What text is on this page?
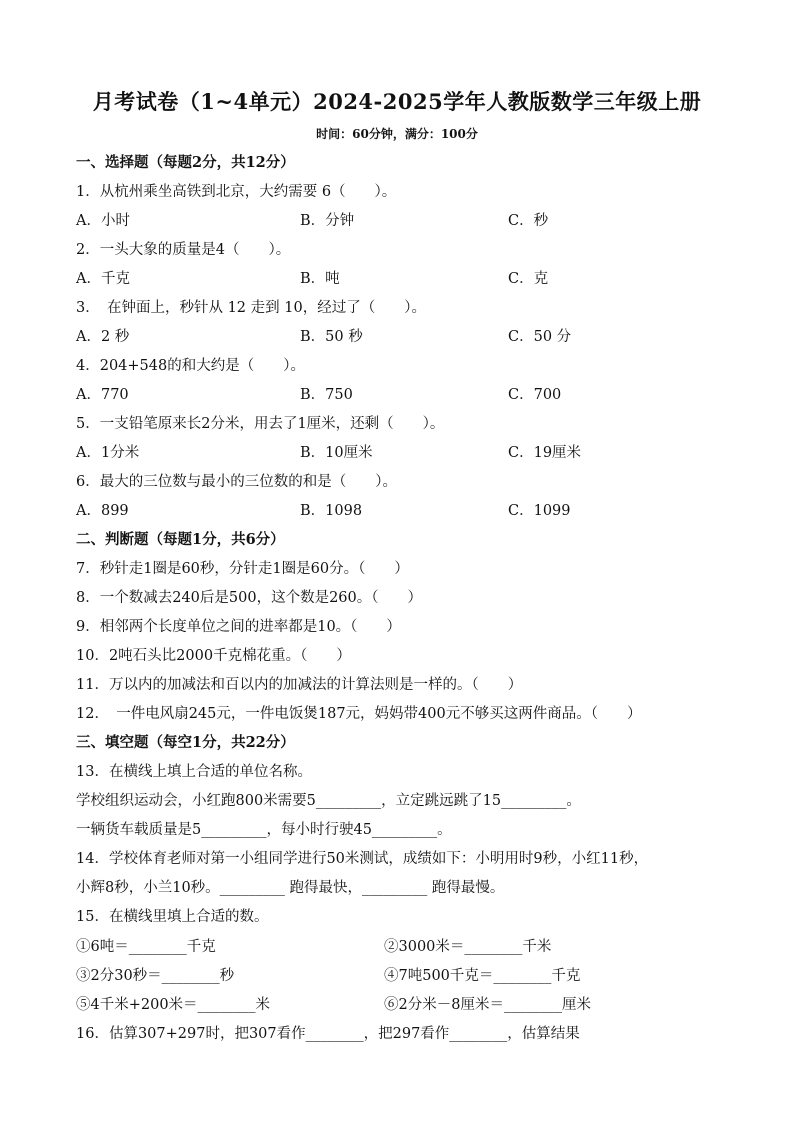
月考试卷（1~4单元）2024-2025学年人教版数学三年级上册
时间：60分钟，满分：100分
一、选择题（每题2分，共12分）
1．从杭州乘坐高铁到北京，大约需要 6（　　）。
A．小时	B．分钟	C．秒
2．一头大象的质量是4（　　）。
A．千克	B．吨	C．克
3．　在钟面上，秒针从 12 走到 10，经过了（　　）。
A．2 秒	B．50 秒	C．50 分
4．204+548的和大约是（　　）。
A．770	B．750	C．700
5．一支铅笔原来长2分米，用去了1厘米，还剩（　　）。
A．1分米	B．10厘米	C．19厘米
6．最大的三位数与最小的三位数的和是（　　）。
A．899	B．1098	C．1099
二、判断题（每题1分，共6分）
7．秒针走1圈是60秒，分针走1圈是60分。（　　）
8．一个数减去240后是500，这个数是260。（　　）
9．相邻两个长度单位之间的进率都是10。（　　）
10．2吨石头比2000千克棉花重。（　　）
11．万以内的加减法和百以内的加减法的计算法则是一样的。（　　）
12．　一件电风扇245元，一件电饭煲187元，妈妈带400元不够买这两件商品。（　　）
三、填空题（每空1分，共22分）
13．在横线上填上合适的单位名称。
学校组织运动会，小红跑800米需要5_________，立定跳远跳了15_________。
一辆货车载质量是5_________，每小时行驶45_________。
14．学校体育老师对第一小组同学进行50米测试，成绩如下：小明用时9秒，小红11秒，
小辉8秒，小兰10秒。_________ 跑得最快，_________ 跑得最慢。
15．在横线里填上合适的数。
①6吨＝________千克	②3000米＝________千米
③2分30秒＝________秒	④7吨500千克＝________千克
⑤4千米+200米＝________米	⑥2分米－8厘米＝________厘米
16．估算307+297时，把307看作________，把297看作________，估算结果
